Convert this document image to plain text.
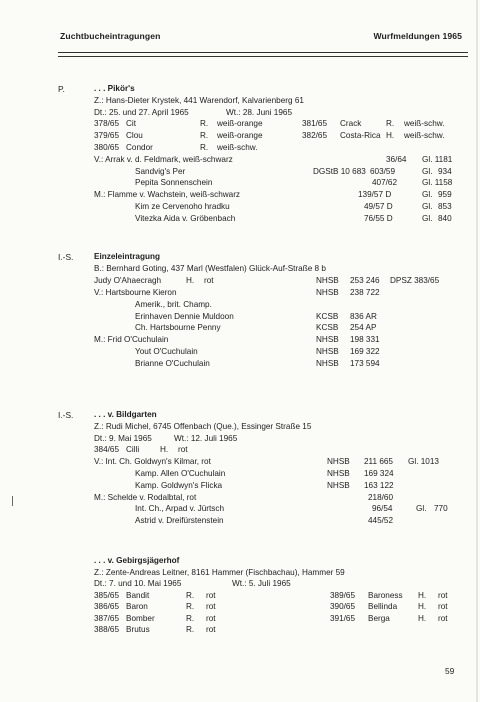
Zuchtbucheintragungen	Wurfmeldungen 1965
P.	. . . Pikör's
Z.: Hans-Dieter Krystek, 441 Warendorf, Kalvarienberg 61
Dt.: 25. und 27. April 1965	Wt.: 28. Juni 1965
378/65 Cit	R. weiß-orange	381/65 Crack	R. weiß-schw.
379/65 Clou	R. weiß-orange	382/65 Costa-Rica H. weiß-schw.
380/65 Condor	R. weiß-schw.
V.: Arrak v. d. Feldmark, weiß-schwarz	36/64 Gl. 1181
Sandvig's Per	DGStB 10 683 603/59	Gl. 934
Pepita Sonnenschein	407/62	Gl. 1158
M.: Flamme v. Wachstein, weiß-schwarz	139/57 D	Gl. 959
Kim ze Cervenoho hradku	49/57 D	Gl. 853
Vitezka Aida v. Gröbenbach	76/55 D	Gl. 840
I.-S.	Einzeleintragung
B.: Bernhard Goting, 437 Marl (Westfalen) Glück-Auf-Straße 8 b
Judy O'Ahaecragh	H. rot	NHSB 253 246 DPSZ 383/65
V.: Hartsbourne Kieron	NHSB 238 722
Amerik., brit. Champ.
Erinhaven Dennie Muldoon	KCSB 836 AR
Ch. Hartsbourne Penny	KCSB 254 AP
M.: Frid O'Cuchulain	NHSB 198 331
Yout O'Cuchulain	NHSB 169 322
Brianne O'Cuchulain	NHSB 173 594
I.-S.	. . . v. Bildgarten
Z.: Rudi Michel, 6745 Offenbach (Que.), Essinger Straße 15
Dt.: 9. Mai 1965	Wt.: 12. Juli 1965
384/65 Cilli	H. rot
V.: Int. Ch. Goldwyn's Kilmar, rot	NHSB 211 665 Gl. 1013
Kamp. Allen O'Cuchulain	NHSB 169 324
Kamp. Goldwyn's Flicka	NHSB 163 122
M.: Schelde v. Rodalbtal, rot	218/60
Int. Ch., Arpad v. Jürtsch	96/54	Gl. 770
Astrid v. Dreifürstenstein	445/52
. . . v. Gebirgsjägerhof
Z.: Zente-Andreas Leitner, 8161 Hammer (Fischbachau), Hammer 59
Dt.: 7. und 10. Mai 1965	Wt.: 5. Juli 1965
385/65 Bandit	R. rot	389/65 Baroness H. rot
386/65 Baron	R. rot	390/65 Bellinda	H. rot
387/65 Bomber	R. rot	391/65 Berga	H. rot
388/65 Brutus	R. rot
59
